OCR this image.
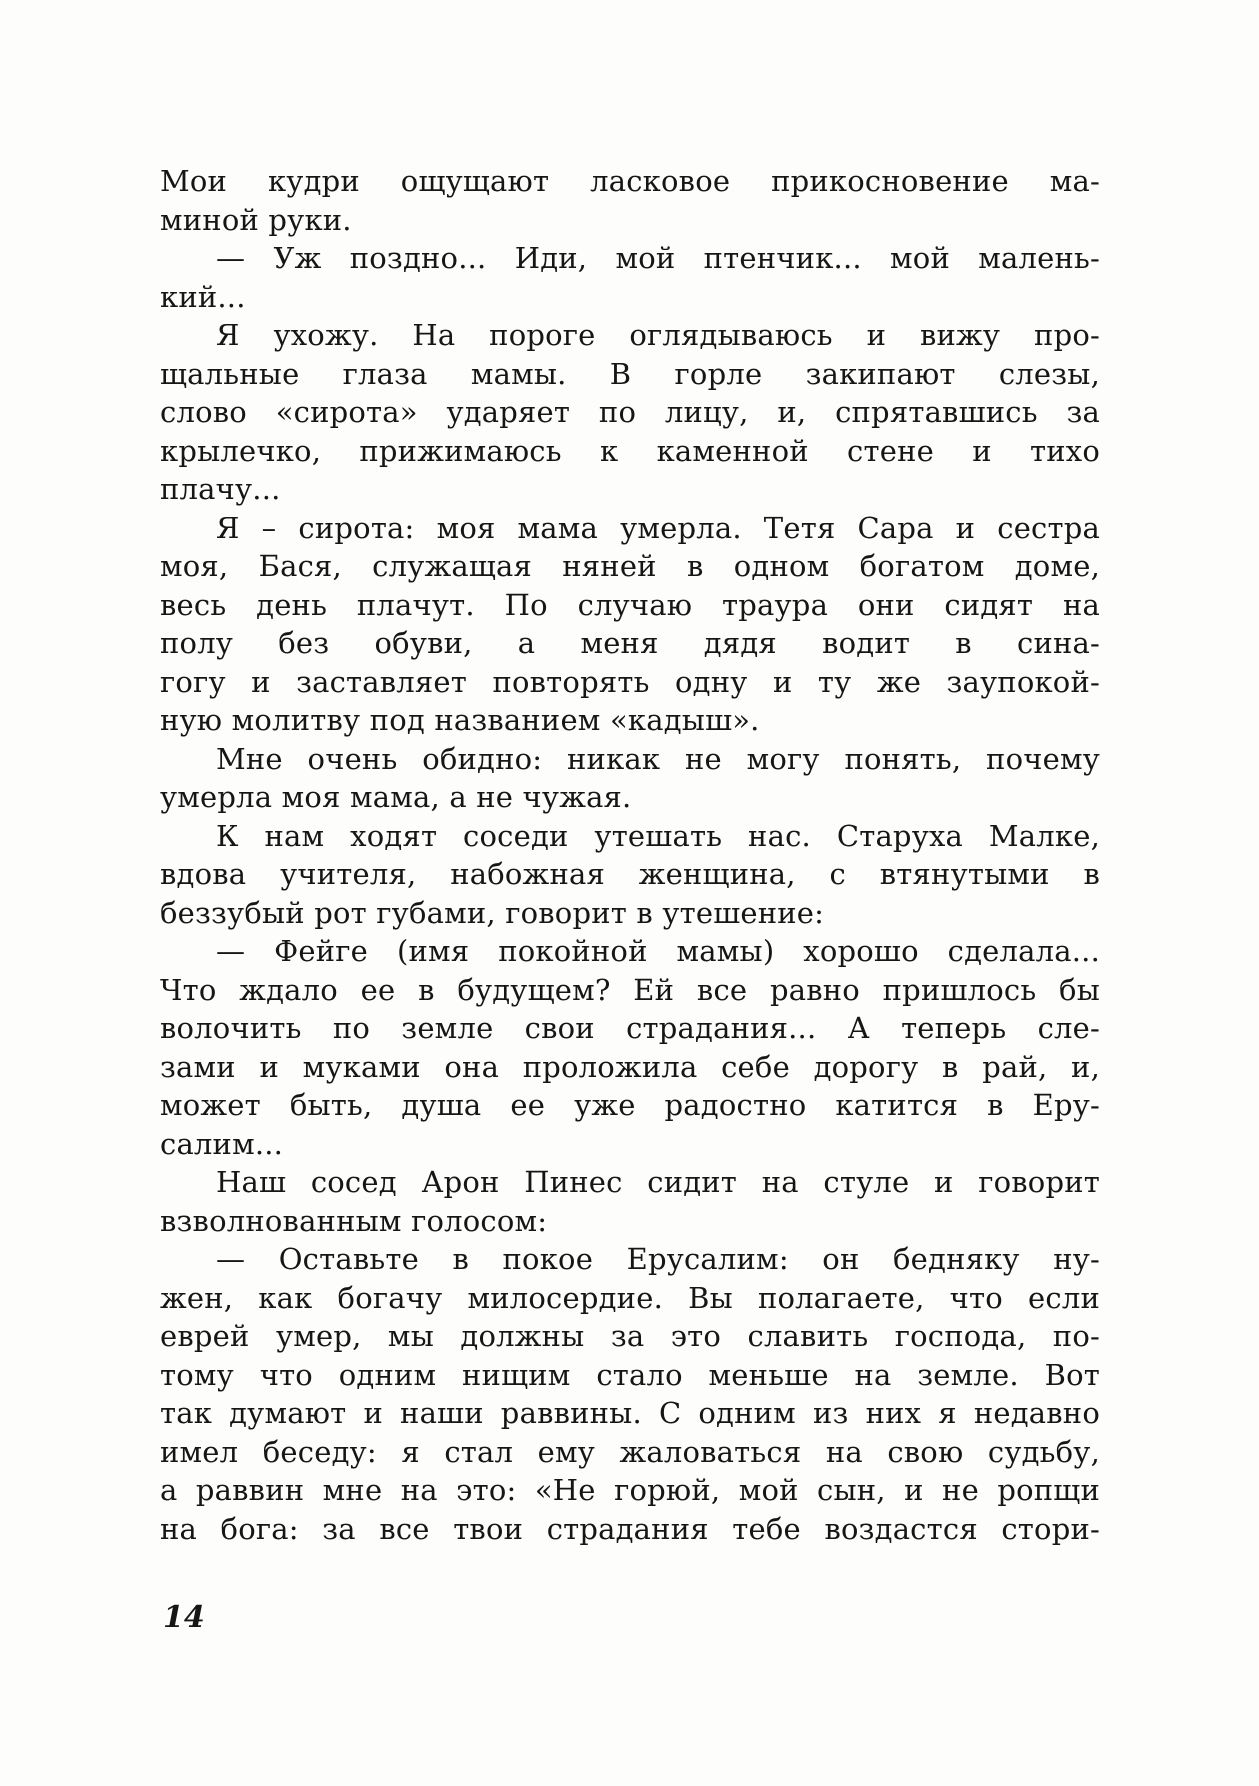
Мои кудри ощущают ласковое прикосновение ма-
миной руки.
— Уж поздно... Иди, мой птенчик... мой малень-
кий...
Я ухожу. На пороге оглядываюсь и вижу про-
щальные глаза мамы. В горле закипают слезы,
слово «сирота» ударяет по лицу, и, спрятавшись за
крылечко, прижимаюсь к каменной стене и тихо
плачу...
Я – сирота: моя мама умерла. Тетя Сара и сестра
моя, Бася, служащая няней в одном богатом доме,
весь день плачут. По случаю траура они сидят на
полу без обуви, а меня дядя водит в сина-
гогу и заставляет повторять одну и ту же заупокой-
ную молитву под названием «кадыш».
Мне очень обидно: никак не могу понять, почему
умерла моя мама, а не чужая.
К нам ходят соседи утешать нас. Старуха Малке,
вдова учителя, набожная женщина, с втянутыми в
беззубый рот губами, говорит в утешение:
— Фейге (имя покойной мамы) хорошо сделала...
Что ждало ее в будущем? Ей все равно пришлось бы
волочить по земле свои страдания... А теперь сле-
зами и муками она проложила себе дорогу в рай, и,
может быть, душа ее уже радостно катится в Еру-
салим...
Наш сосед Арон Пинес сидит на стуле и говорит
взволнованным голосом:
— Оставьте в покое Ерусалим: он бедняку ну-
жен, как богачу милосердие. Вы полагаете, что если
еврей умер, мы должны за это славить господа, по-
тому что одним нищим стало меньше на земле. Вот
так думают и наши раввины. С одним из них я недавно
имел беседу: я стал ему жаловаться на свою судьбу,
а раввин мне на это: «Не горюй, мой сын, и не ропщи
на бога: за все твои страдания тебе воздастся стори-
14
